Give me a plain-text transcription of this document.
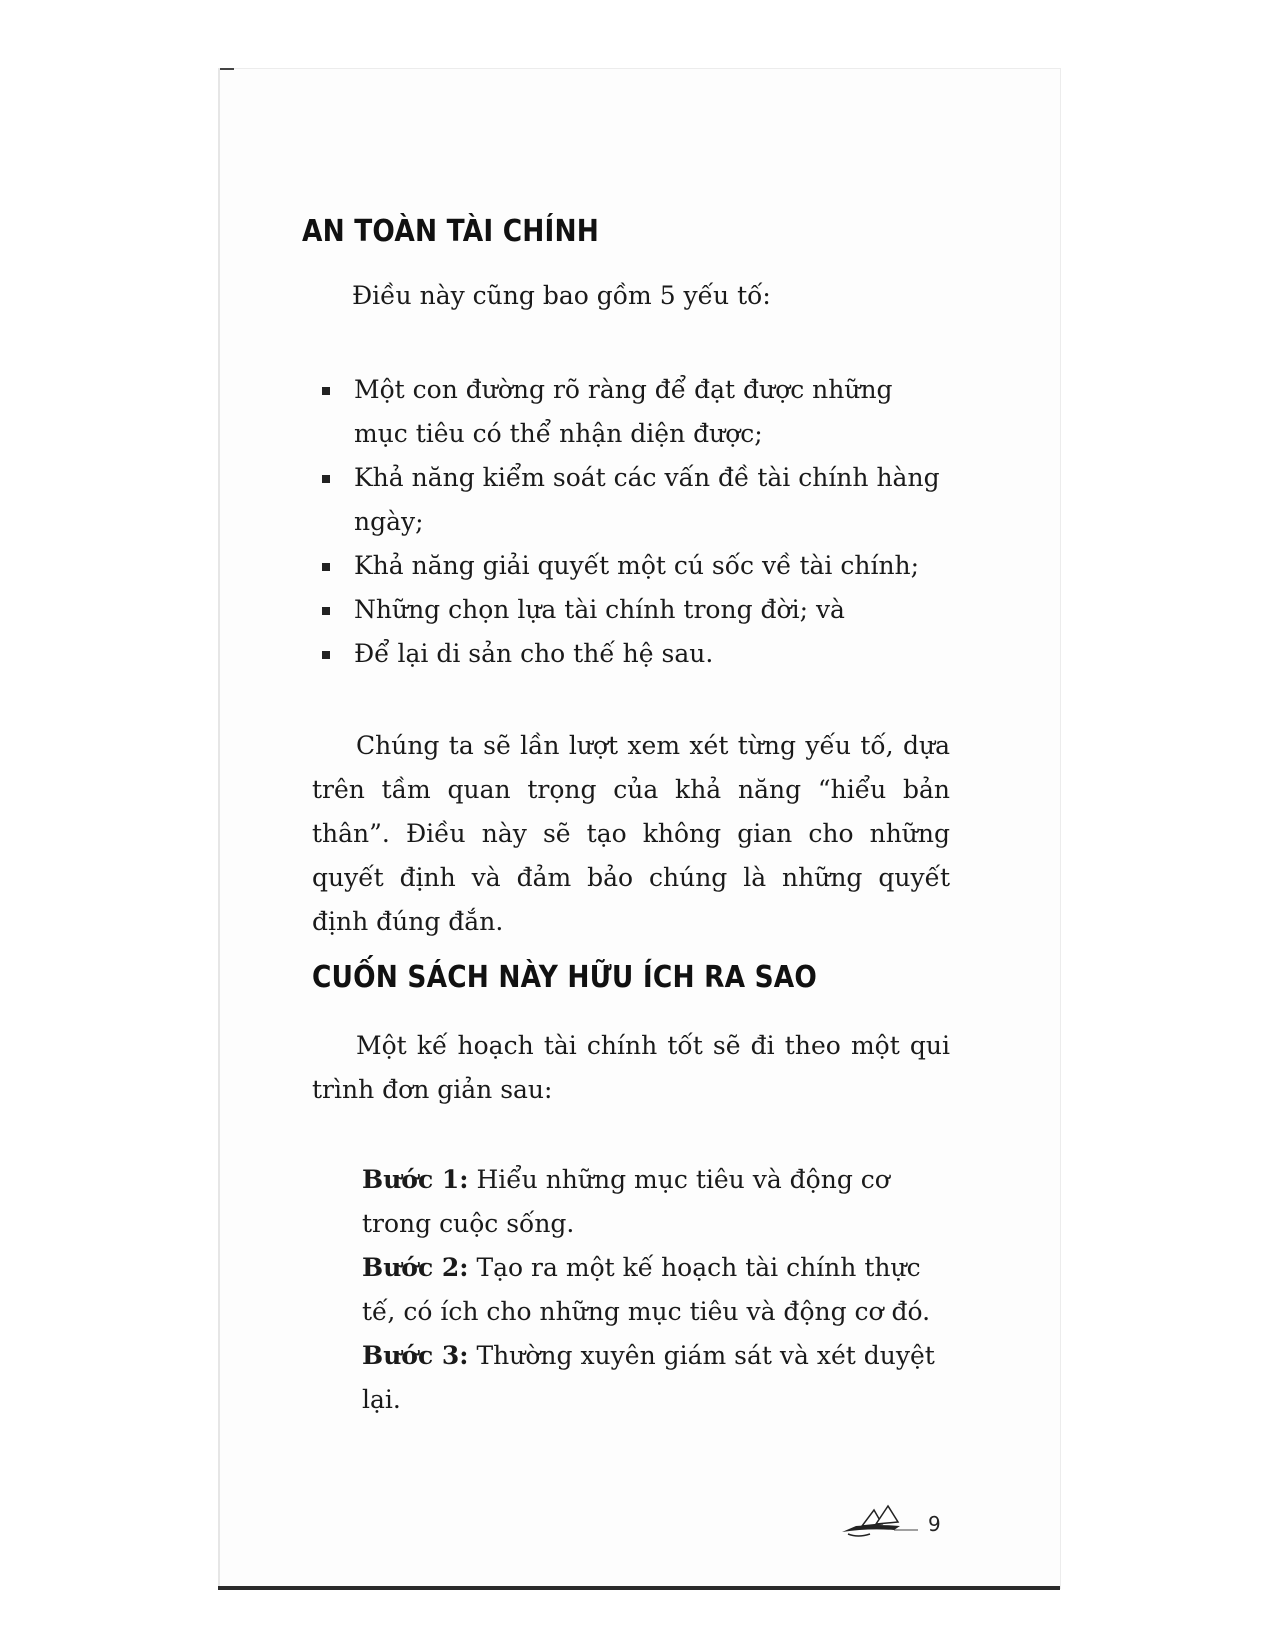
AN TOÀN TÀI CHÍNH

Điều này cũng bao gồm 5 yếu tố:

Một con đường rõ ràng để đạt được những mục tiêu có thể nhận diện được;
Khả năng kiểm soát các vấn đề tài chính hàng ngày;
Khả năng giải quyết một cú sốc về tài chính;
Những chọn lựa tài chính trong đời; và
Để lại di sản cho thế hệ sau.

Chúng ta sẽ lần lượt xem xét từng yếu tố, dựa trên tầm quan trọng của khả năng “hiểu bản thân”. Điều này sẽ tạo không gian cho những quyết định và đảm bảo chúng là những quyết định đúng đắn.

CUỐN SÁCH NÀY HỮU ÍCH RA SAO

Một kế hoạch tài chính tốt sẽ đi theo một qui trình đơn giản sau:

Bước 1: Hiểu những mục tiêu và động cơ trong cuộc sống.
Bước 2: Tạo ra một kế hoạch tài chính thực tế, có ích cho những mục tiêu và động cơ đó.
Bước 3: Thường xuyên giám sát và xét duyệt lại.
9
